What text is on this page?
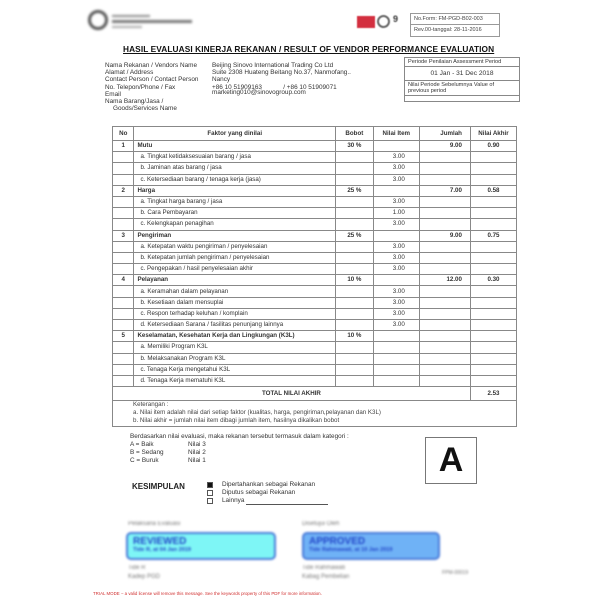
9	No.Form: FM-PGD-B02-003
Rev.00-tanggal: 28-11-2016
HASIL EVALUASI KINERJA REKANAN / RESULT OF VENDOR PERFORMANCE EVALUATION
Nama Rekanan / Vendors Name	Beijing Sinovo International Trading Co Ltd
Alamat / Address	Suite 2308 Huateng Beitang No.37, Nanmofang..
Contact Person / Contact Person	Nancy
No. Telepon/Phone / Fax	+86 10 51909163            / +86 10 51909071
Email	marketing010@sinovogroup.com
Nama Barang/Jasa /
Goods/Services Name
Periode Penilaian Assessment Period
01 Jan - 31 Dec 2018
Nilai Periode Sebelumnya Value of previous period
No	Faktor yang dinilai	Bobot	Nilai Item	Jumlah	Nilai Akhir
1	Mutu	30 %		9.00	0.90
	a. Tingkat ketidaksesuaian barang / jasa		3.00		
	b. Jaminan atas barang / jasa		3.00		
	c. Ketersediaan barang / tenaga kerja (jasa)		3.00		
2	Harga	25 %		7.00	0.58
	a. Tingkat harga barang / jasa		3.00		
	b. Cara Pembayaran		1.00		
	c. Kelengkapan penagihan		3.00		
3	Pengiriman	25 %		9.00	0.75
	a. Ketepatan waktu pengiriman / penyelesaian		3.00		
	b. Ketepatan jumlah pengiriman / penyelesaian		3.00		
	c. Pengepakan / hasil penyelesaian akhir		3.00		
4	Pelayanan	10 %		12.00	0.30
	a. Keramahan dalam pelayanan		3.00		
	b. Kesetiaan dalam mensuplai		3.00		
	c. Respon terhadap keluhan / komplain		3.00		
	d. Ketersediaan Sarana / fasilitas penunjang lainnya		3.00		
5	Keselamatan, Kesehatan Kerja dan Lingkungan (K3L)	10 %			
	a. Memiliki Program K3L				
	b. Melaksanakan Program K3L				
	c. Tenaga Kerja mengetahui K3L				
	d. Tenaga Kerja mematuhi K3L				
TOTAL NILAI AKHIR					2.53
Keterangan :
a. Nilai item adalah nilai dari setiap faktor (kualitas, harga, pengiriman,pelayanan dan K3L)
b. Nilai akhir = jumlah nilai item dibagi jumlah item, hasilnya dikalikan bobot
Berdasarkan nilai evaluasi, maka rekanan tersebut termasuk dalam kategori :
A = Baik	Nilai 3
B = Sedang	Nilai 2
C = Buruk	Nilai 1	A
KESIMPULAN	Dipertahankan sebagai Rekanan
Diputus sebagai Rekanan
Lainnya
Pelaksana Evaluasi	Disetujui Oleh
REVIEWED
Tide R, at 04 Jan 2019
APPROVED
Tide Rahmawati, at 10 Jan 2019
Tide R
Kadep PGD
Tide Rahmawati
Kabag Pembelian
FPM-00019
TRIAL MODE − a valid license will remove this message. See the keywords property of this PDF for more information.
